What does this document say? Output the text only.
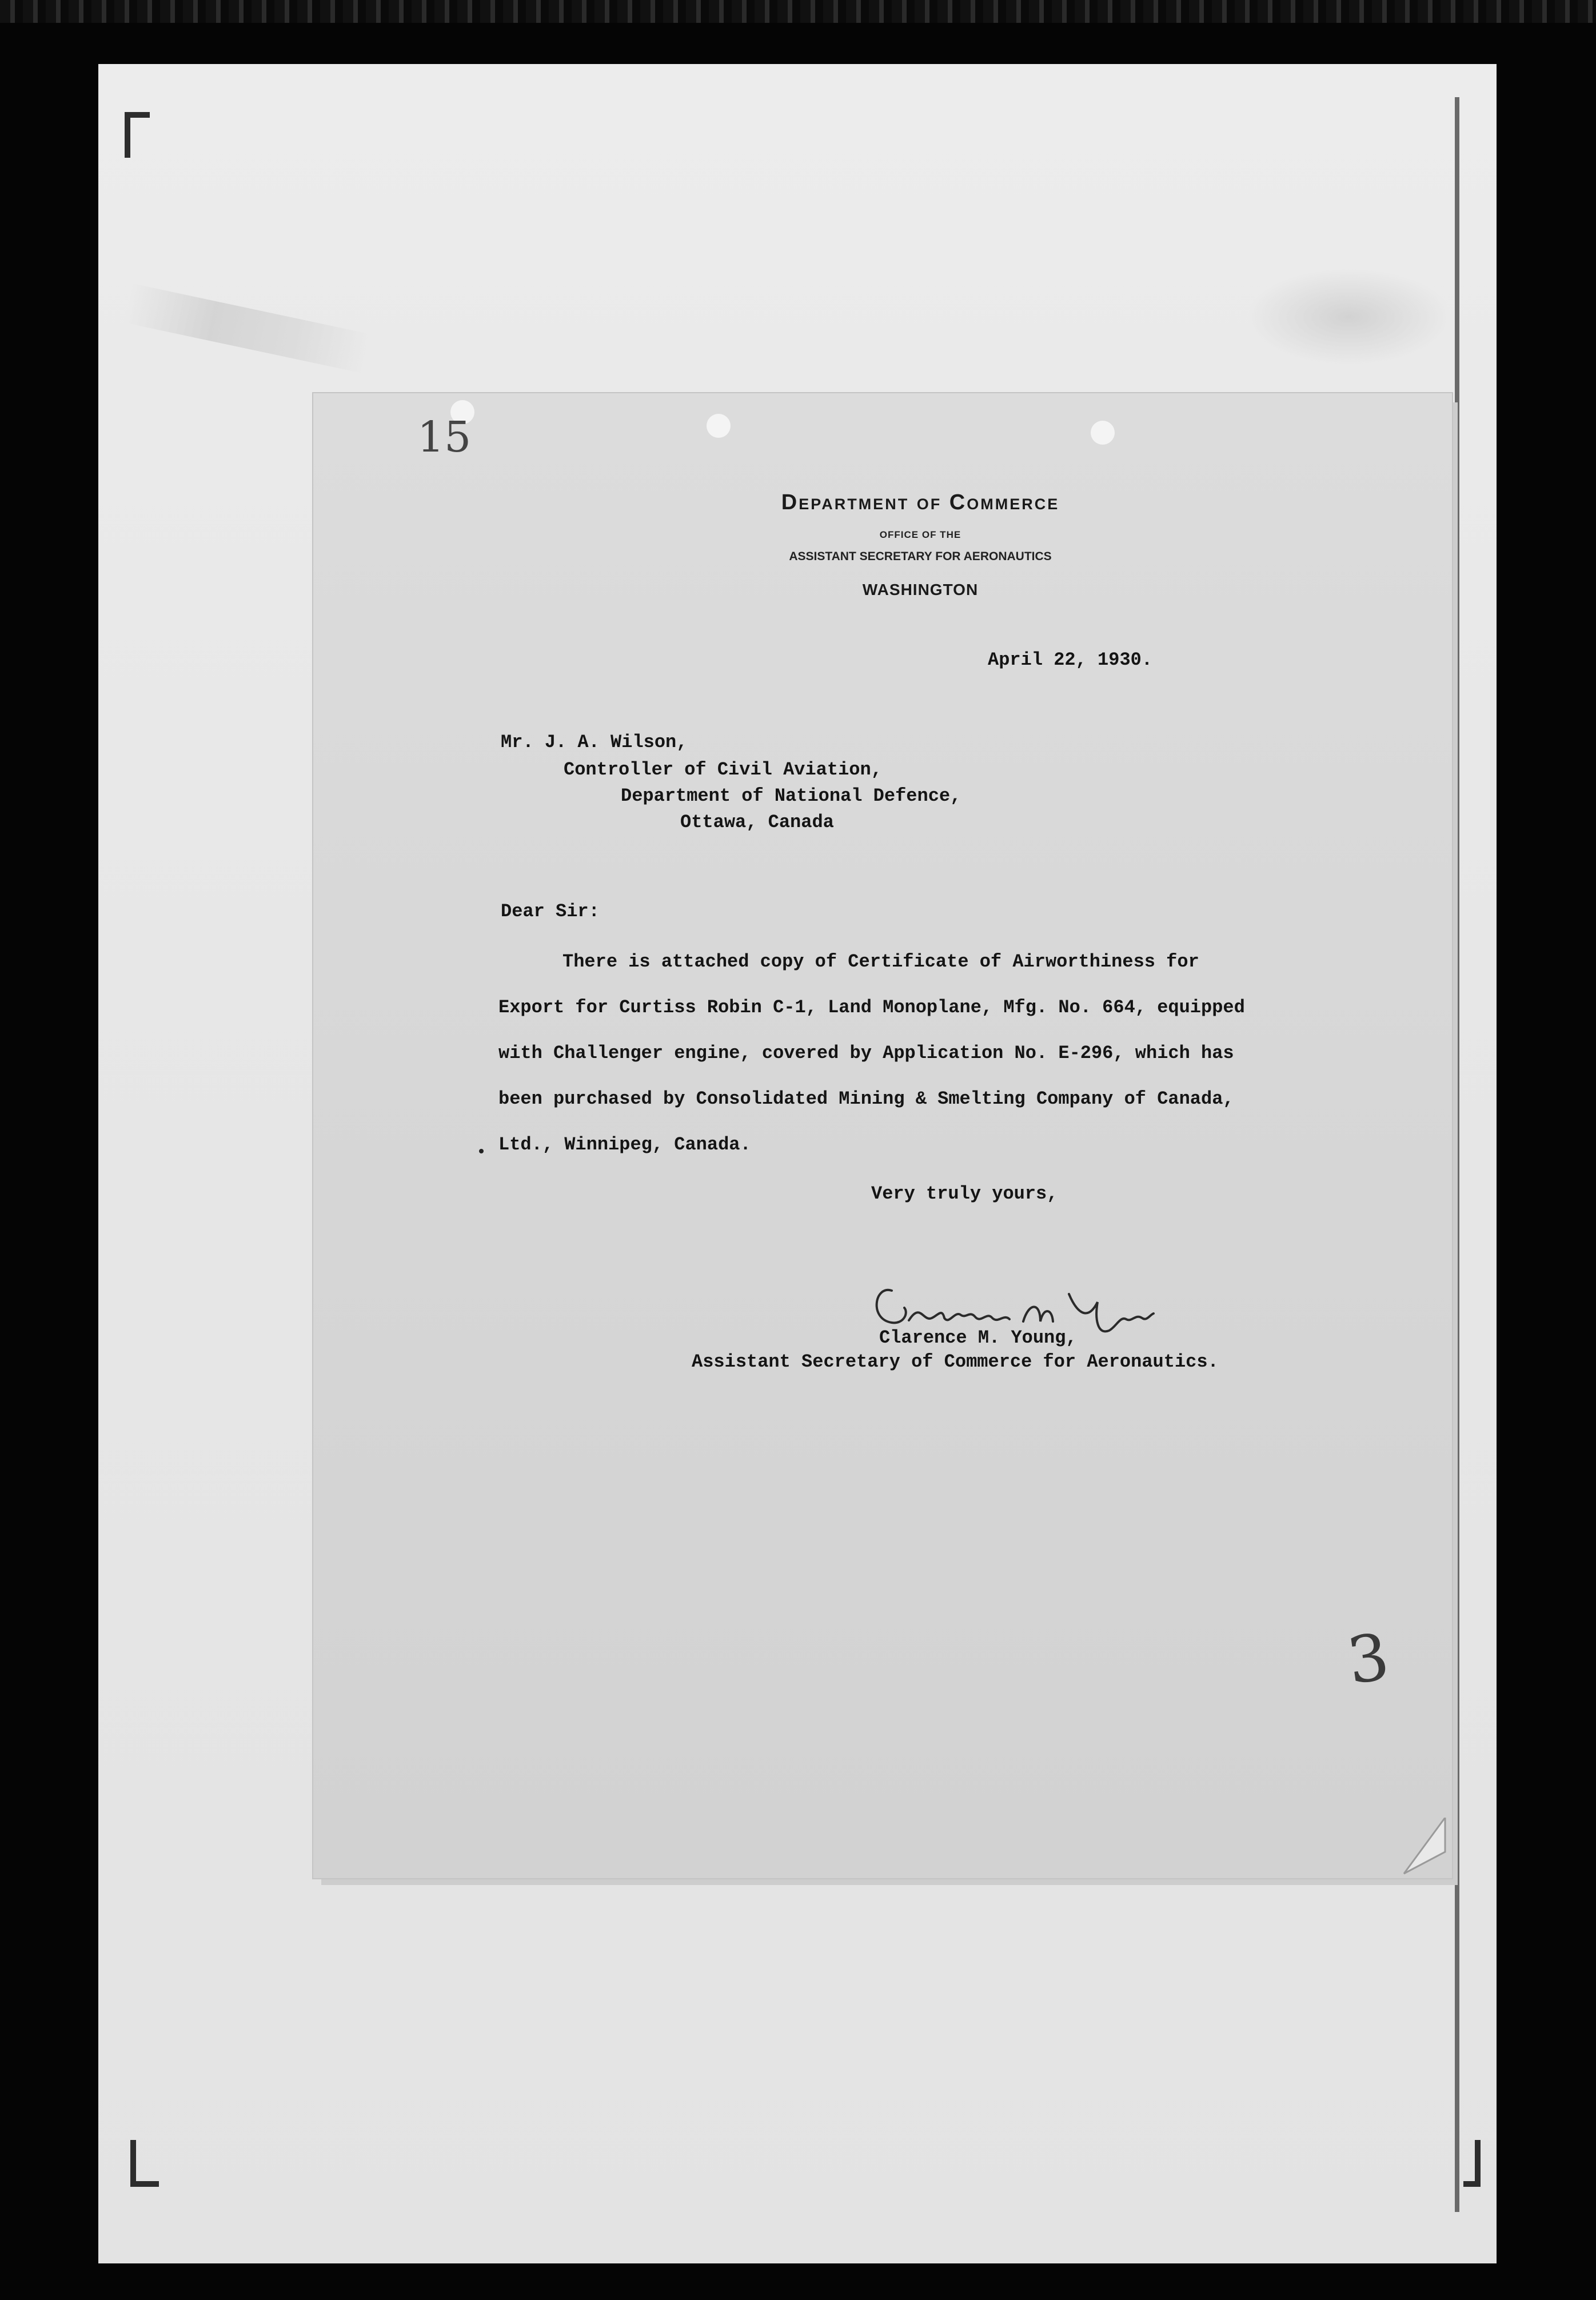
15
Department of Commerce
OFFICE OF THE
ASSISTANT SECRETARY FOR AERONAUTICS
WASHINGTON
April 22, 1930.
Mr. J. A. Wilson,
Controller of Civil Aviation,
Department of National Defence,
Ottawa, Canada
Dear Sir:
There is attached copy of Certificate of Airworthiness for
Export for Curtiss Robin C-1, Land Monoplane, Mfg. No. 664, equipped
with Challenger engine, covered by Application No. E-296, which has
been purchased by Consolidated Mining & Smelting Company of Canada,
Ltd., Winnipeg, Canada.
Very truly yours,
Clarence M. Young,
Assistant Secretary of Commerce for Aeronautics.
3
